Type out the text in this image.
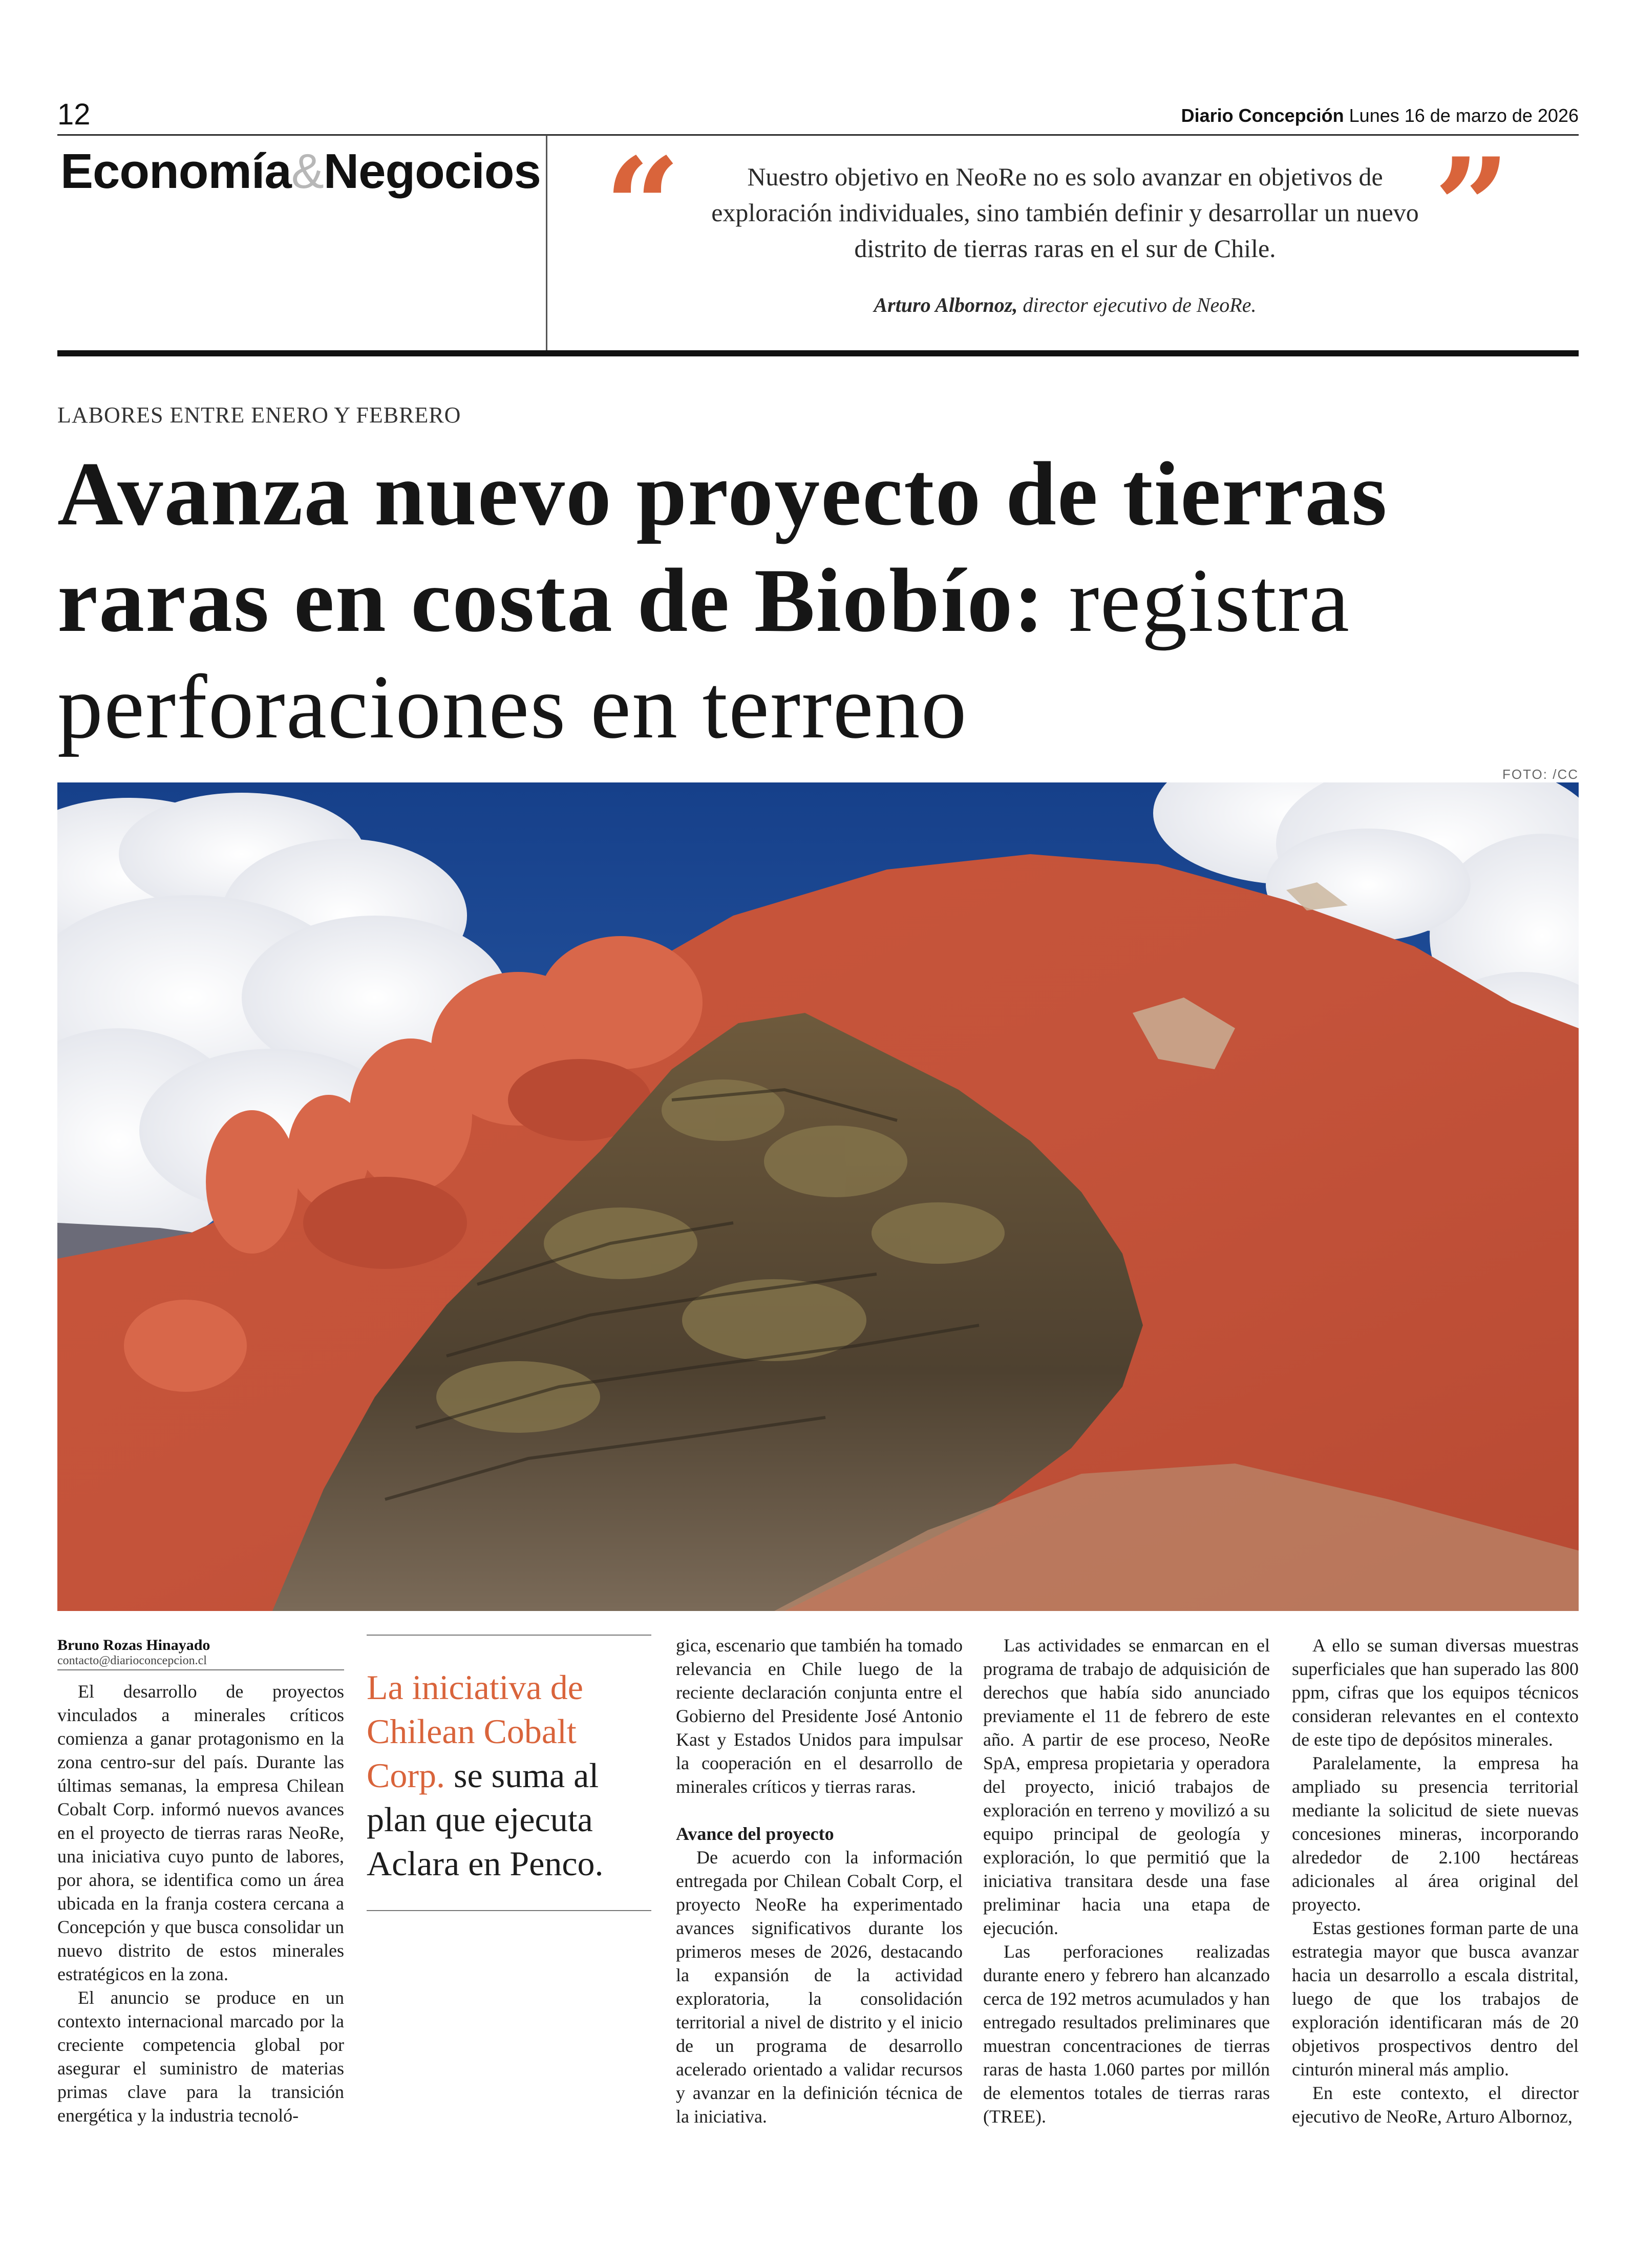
12	Diario Concepción Lunes 16 de marzo de 2026
Economía&Negocios “	”
Nuestro objetivo en NeoRe no es solo avanzar en objetivos de exploración individuales, sino también definir y desarrollar un nuevo distrito de tierras raras en el sur de Chile.
Arturo Albornoz, director ejecutivo de NeoRe.
LABORES ENTRE ENERO Y FEBRERO
Avanza nuevo proyecto de tierras raras en costa de Biobío: registra perforaciones en terreno
FOTO: /CC
Bruno Rozas Hinayado
contacto@diarioconcepcion.cl

El desarrollo de proyectos vinculados a minerales críticos comienza a ganar protagonismo en la zona centro-sur del país. Durante las últimas semanas, la empresa Chilean Cobalt Corp. informó nuevos avances en el proyecto de tierras raras NeoRe, una iniciativa cuyo punto de labores, por ahora, se identifica como un área ubicada en la franja costera cercana a Concepción y que busca consolidar un nuevo distrito de estos minerales estratégicos en la zona.

El anuncio se produce en un contexto internacional marcado por la creciente competencia global por asegurar el suministro de materias primas clave para la transición energética y la industria tecnoló-

La iniciativa de Chilean Cobalt Corp. se suma al plan que ejecuta Aclara en Penco.

gica, escenario que también ha tomado relevancia en Chile luego de la reciente declaración conjunta entre el Gobierno del Presidente José Antonio Kast y Estados Unidos para impulsar la cooperación en el desarrollo de minerales críticos y tierras raras.

Avance del proyecto

De acuerdo con la información entregada por Chilean Cobalt Corp, el proyecto NeoRe ha experimentado avances significativos durante los primeros meses de 2026, destacando la expansión de la actividad exploratoria, la consolidación territorial a nivel de distrito y el inicio de un programa de desarrollo acelerado orientado a validar recursos y avanzar en la definición técnica de la iniciativa.

Las actividades se enmarcan en el programa de trabajo de adquisición de derechos que había sido anunciado previamente el 11 de febrero de este año. A partir de ese proceso, NeoRe SpA, empresa propietaria y operadora del proyecto, inició trabajos de exploración en terreno y movilizó a su equipo principal de geología y exploración, lo que permitió que la iniciativa transitara desde una fase preliminar hacia una etapa de ejecución.

Las perforaciones realizadas durante enero y febrero han alcanzado cerca de 192 metros acumulados y han entregado resultados preliminares que muestran concentraciones de tierras raras de hasta 1.060 partes por millón de elementos totales de tierras raras (TREE).

A ello se suman diversas muestras superficiales que han superado las 800 ppm, cifras que los equipos técnicos consideran relevantes en el contexto de este tipo de depósitos minerales.

Paralelamente, la empresa ha ampliado su presencia territorial mediante la solicitud de siete nuevas concesiones mineras, incorporando alrededor de 2.100 hectáreas adicionales al área original del proyecto.

Estas gestiones forman parte de una estrategia mayor que busca avanzar hacia un desarrollo a escala distrital, luego de que los trabajos de exploración identificaran más de 20 objetivos prospectivos dentro del cinturón mineral más amplio.

En este contexto, el director ejecutivo de NeoRe, Arturo Albornoz,
